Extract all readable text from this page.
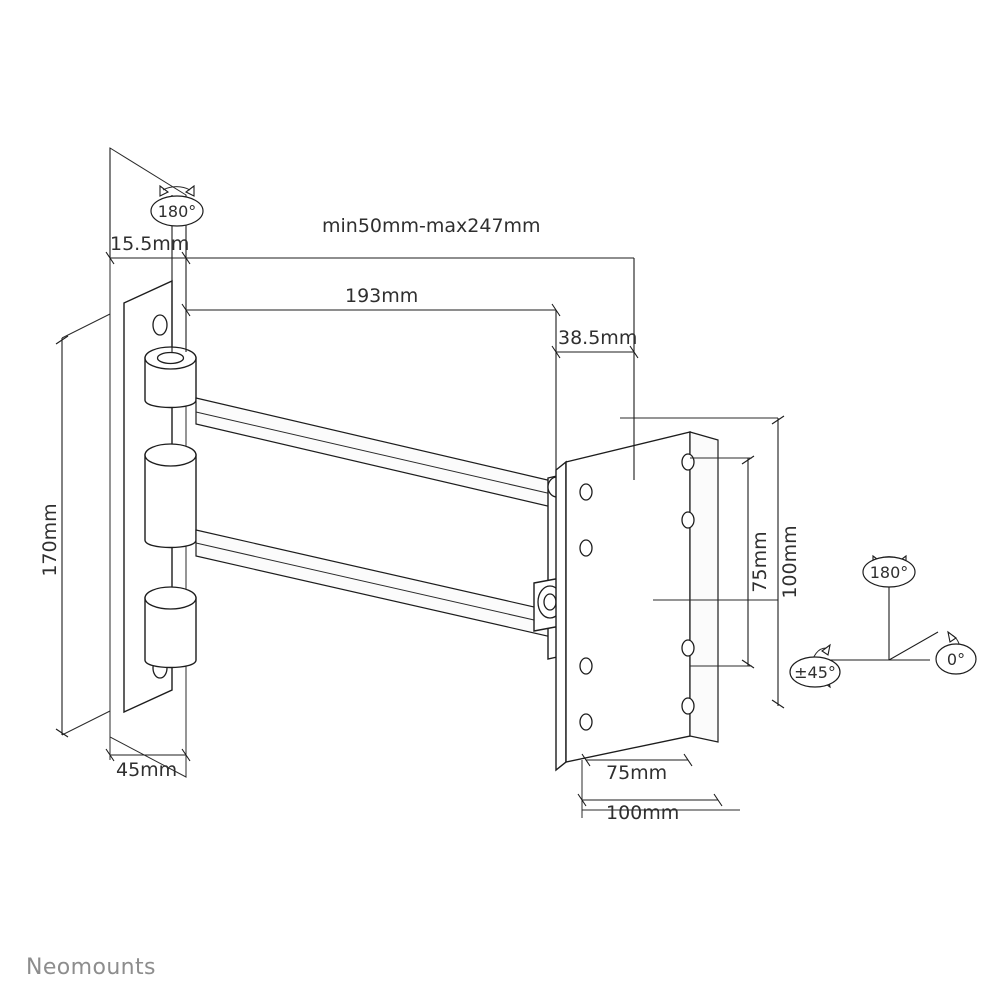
15.5mm
min50mm-max247mm
193mm
38.5mm
170mm
45mm
100mm
75mm
75mm
100mm
180°
180°
0°
±45°
Neomounts
